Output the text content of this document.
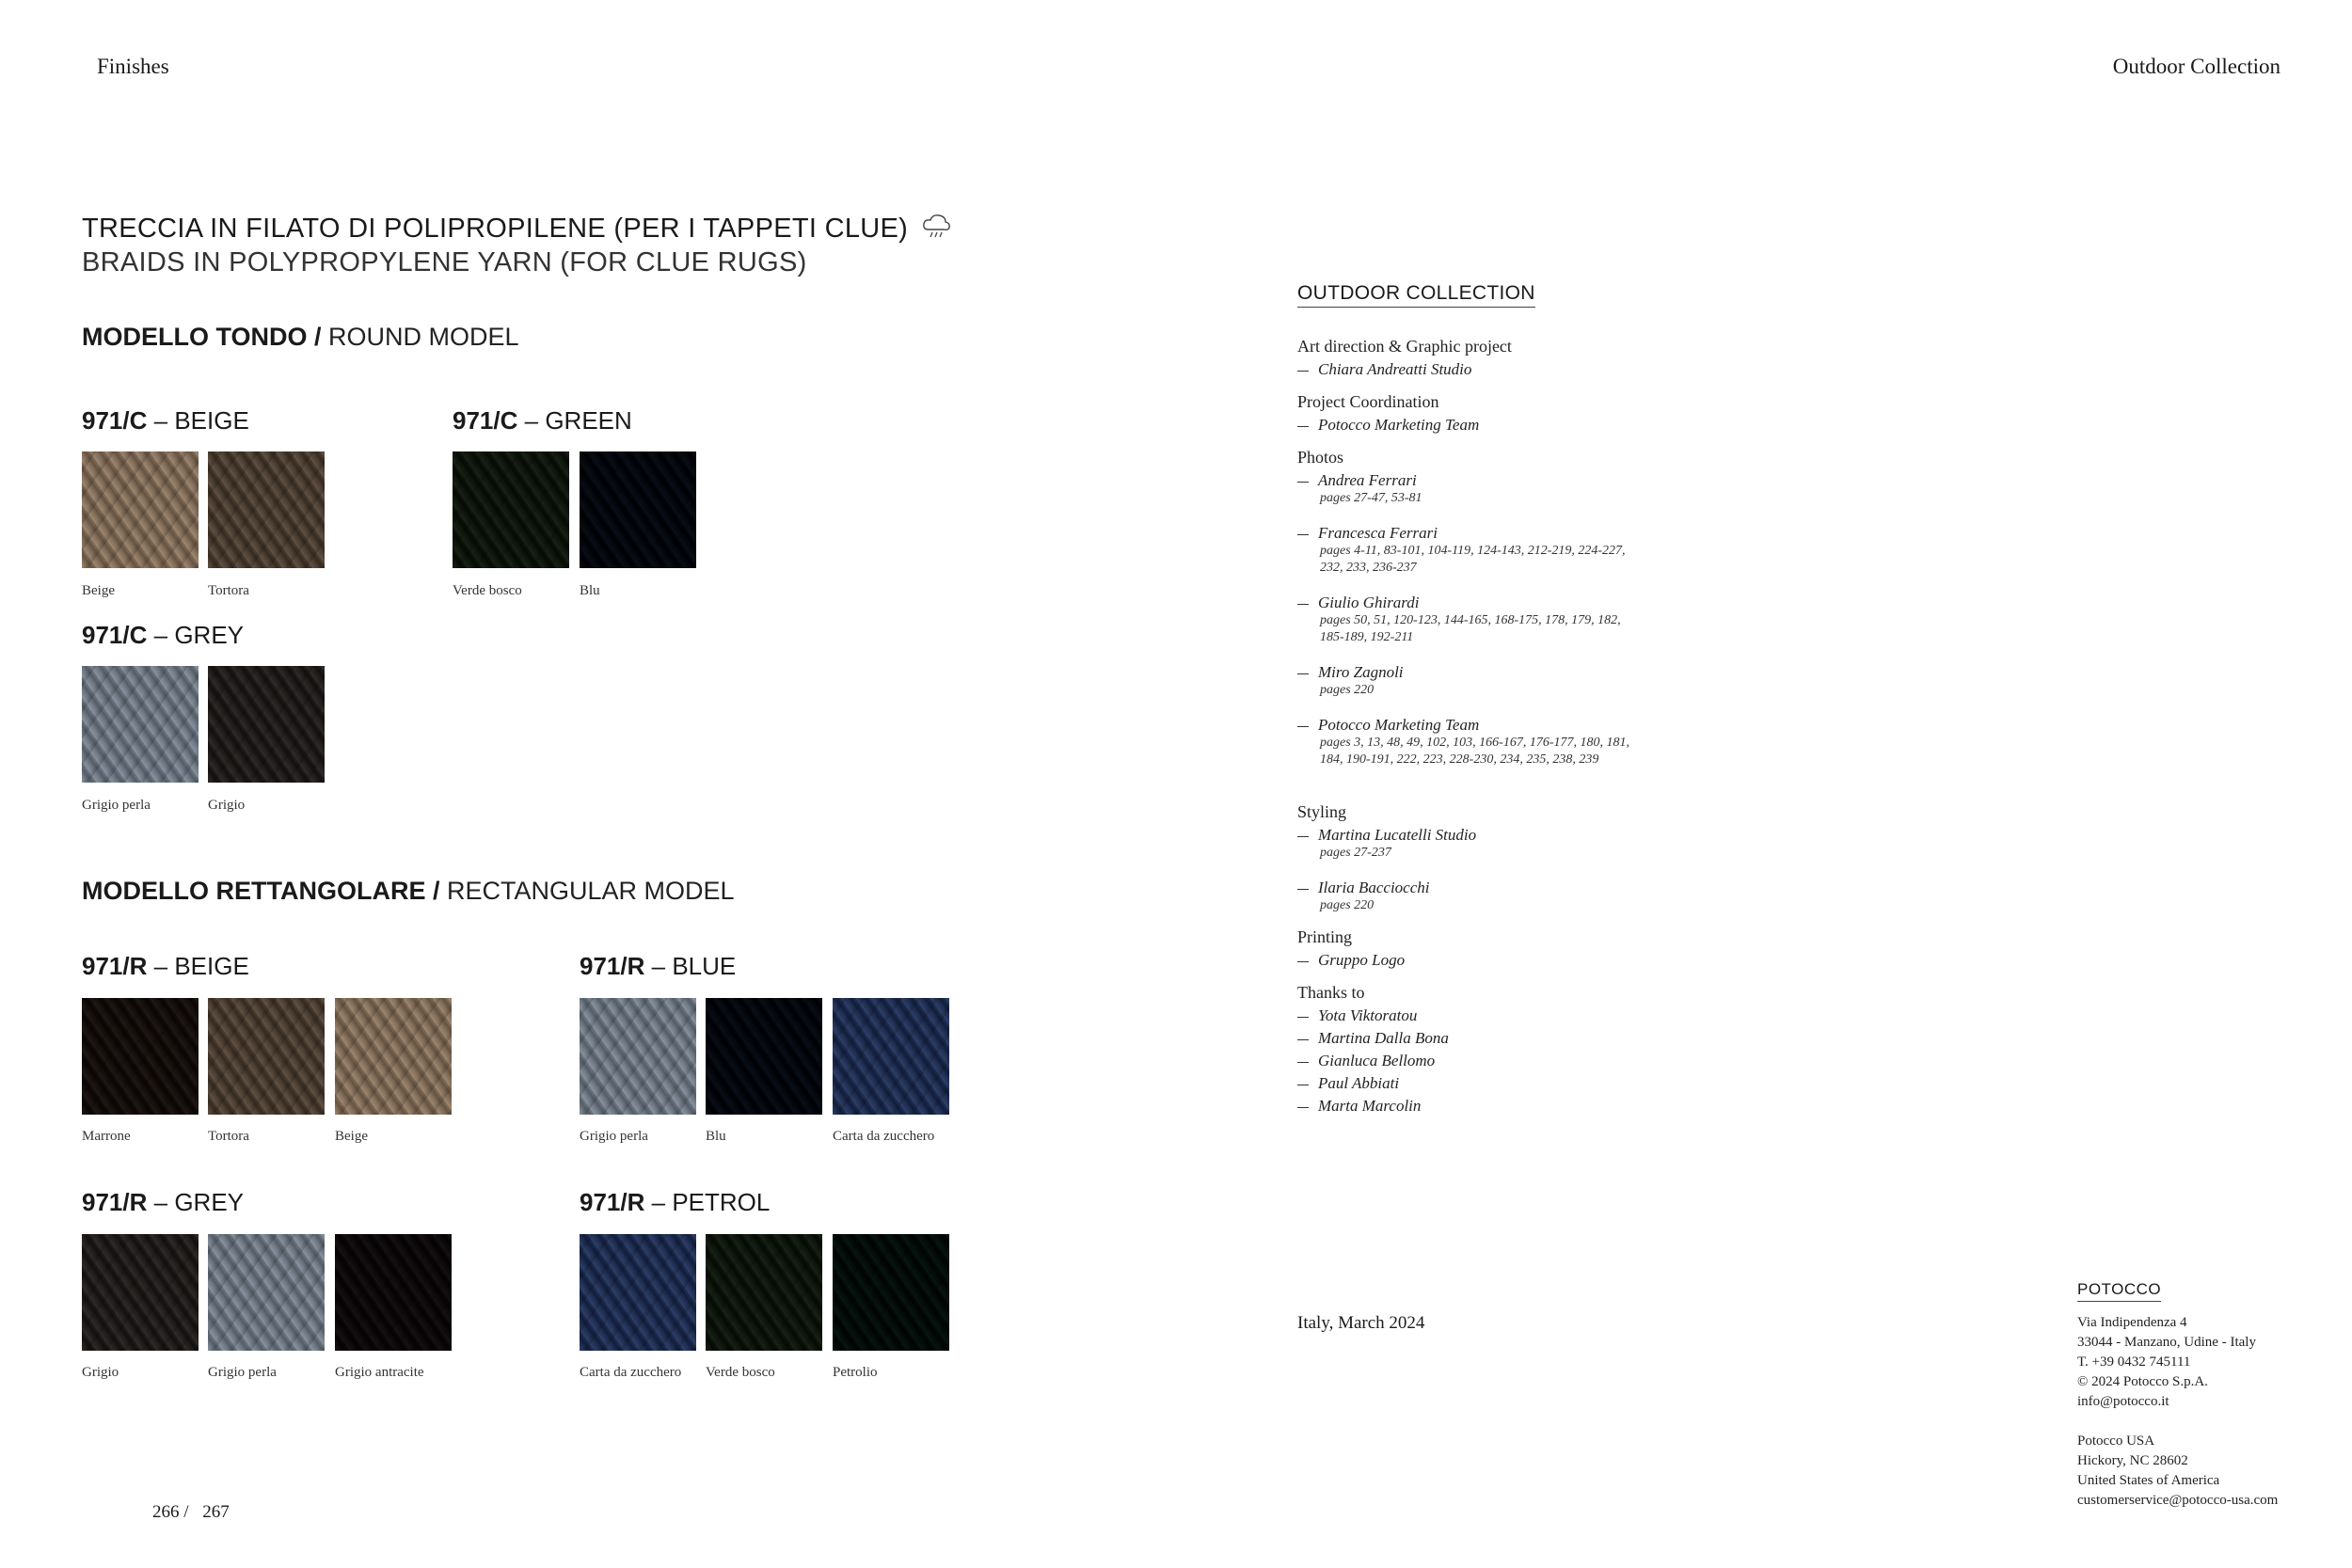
Finishes	Outdoor Collection
TRECCIA IN FILATO DI POLIPROPILENE (PER I TAPPETI CLUE)
BRAIDS IN POLYPROPYLENE YARN (FOR CLUE RUGS)
MODELLO TONDO / ROUND MODEL
971/C – BEIGE
Beige	Tortora
971/C – GREEN
Verde bosco	Blu
971/C – GREY
Grigio perla	Grigio
MODELLO RETTANGOLARE / RECTANGULAR MODEL
971/R – BEIGE
Marrone	Tortora	Beige
971/R – BLUE
Grigio perla	Blu	Carta da zucchero
971/R – GREY
Grigio	Grigio perla	Grigio antracite
971/R – PETROL
Carta da zucchero Verde bosco	Petrolio
266 / 267
OUTDOOR COLLECTION
Art direction & Graphic project
Chiara Andreatti Studio
Project Coordination
Potocco Marketing Team
Photos
Andrea Ferrari
pages 27-47, 53-81
Francesca Ferrari
pages 4-11, 83-101, 104-119, 124-143, 212-219, 224-227, 232, 233, 236-237
Giulio Ghirardi
pages 50, 51, 120-123, 144-165, 168-175, 178, 179, 182, 185-189, 192-211
Miro Zagnoli
pages 220
Potocco Marketing Team
pages 3, 13, 48, 49, 102, 103, 166-167, 176-177, 180, 181, 184, 190-191, 222, 223, 228-230, 234, 235, 238, 239
Styling
Martina Lucatelli Studio
pages 27-237
Ilaria Bacciocchi
pages 220
Printing
Gruppo Logo
Thanks to
Yota Viktoratou
Martina Dalla Bona
Gianluca Bellomo
Paul Abbiati
Marta Marcolin
Italy, March 2024
POTOCCO
Via Indipendenza 4
33044 - Manzano, Udine - Italy
T. +39 0432 745111
© 2024 Potocco S.p.A.
info@potocco.it
Potocco USA
Hickory, NC 28602
United States of America
customerservice@potocco-usa.com
